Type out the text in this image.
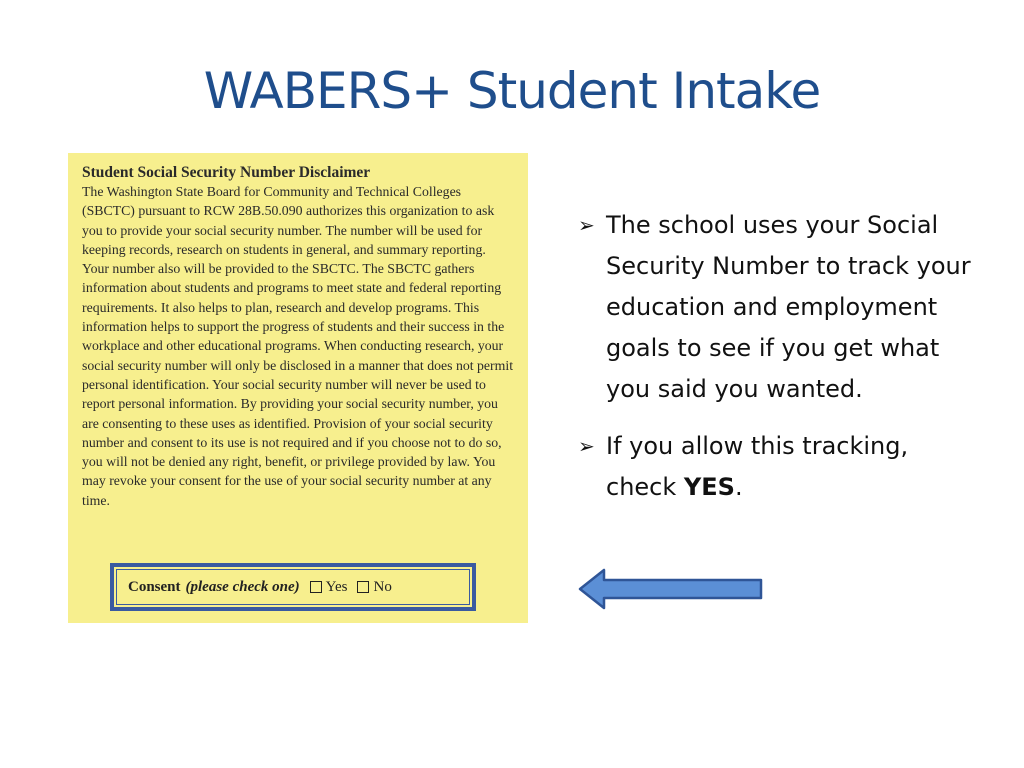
WABERS+ Student Intake
Student Social Security Number Disclaimer
The Washington State Board for Community and Technical Colleges (SBCTC) pursuant to RCW 28B.50.090 authorizes this organization to ask you to provide your social security number. The number will be used for keeping records, research on students in general, and summary reporting. Your number also will be provided to the SBCTC. The SBCTC gathers information about students and programs to meet state and federal reporting requirements. It also helps to plan, research and develop programs. This information helps to support the progress of students and their success in the workplace and other educational programs. When conducting research, your social security number will only be disclosed in a manner that does not permit personal identification. Your social security number will never be used to report personal information. By providing your social security number, you are consenting to these uses as identified. Provision of your social security number and consent to its use is not required and if you choose not to do so, you will not be denied any right, benefit, or privilege provided by law. You may revoke your consent for the use of your social security number at any time.
Consent (please check one) Yes No
➢ The school uses your Social Security Number to track your education and employment goals to see if you get what you said you wanted.
➢ If you allow this tracking, check YES.
